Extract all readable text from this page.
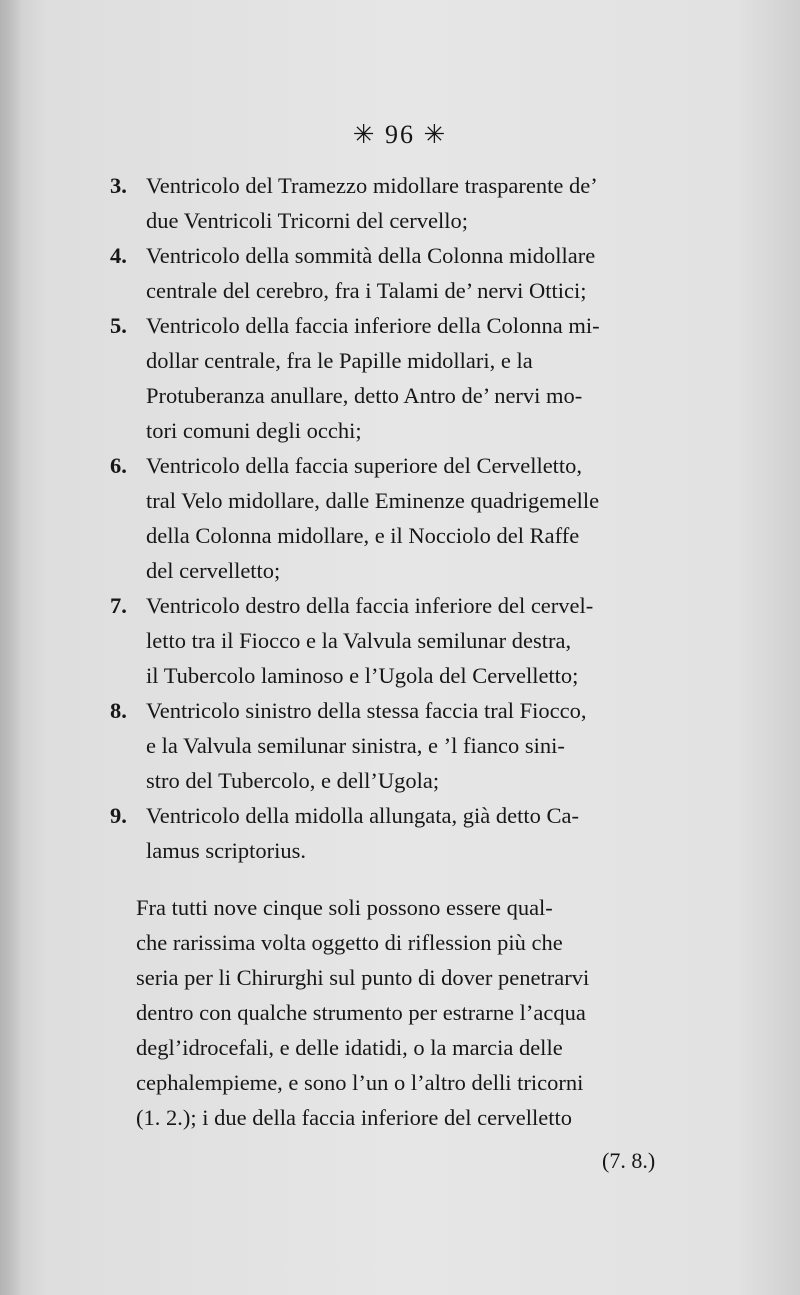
✳ 96 ✳
3. Ventricolo del Tramezzo midollare trasparente de’
due Ventricoli Tricorni del cervello;
4. Ventricolo della sommità della Colonna midollare
centrale del cerebro, fra i Talami de’ nervi Ottici;
5. Ventricolo della faccia inferiore della Colonna mi-
dollar centrale, fra le Papille midollari, e la
Protuberanza anullare, detto Antro de’ nervi mo-
tori comuni degli occhi;
6. Ventricolo della faccia superiore del Cervelletto,
tral Velo midollare, dalle Eminenze quadrigemelle
della Colonna midollare, e il Nocciolo del Raffe
del cervelletto;
7. Ventricolo destro della faccia inferiore del cervel-
letto tra il Fiocco e la Valvula semilunar destra,
il Tubercolo laminoso e l’Ugola del Cervelletto;
8. Ventricolo sinistro della stessa faccia tral Fiocco,
e la Valvula semilunar sinistra, e ’l fianco sini-
stro del Tubercolo, e dell’Ugola;
9. Ventricolo della midolla allungata, già detto Ca-
lamus scriptorius.
Fra tutti nove cinque soli possono essere qual-
che rarissima volta oggetto di riflession più che
seria per li Chirurghi sul punto di dover penetrarvi
dentro con qualche strumento per estrarne l’acqua
degl’idrocefali, e delle idatidi, o la marcia delle
cephalempieme, e sono l’un o l’altro delli tricorni
(1. 2.); i due della faccia inferiore del cervelletto
(7. 8.)
